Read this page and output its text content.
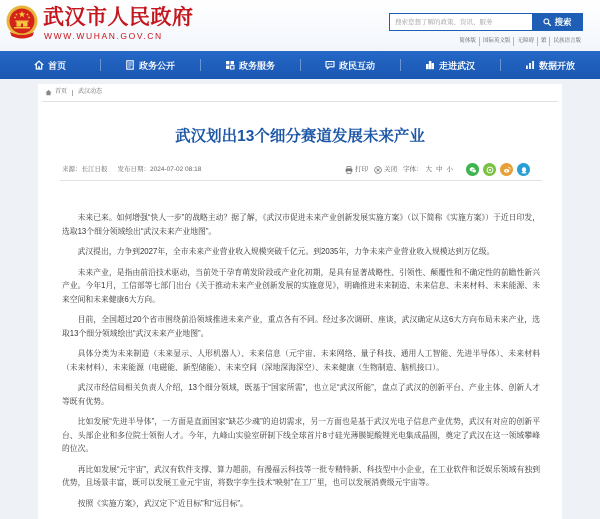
武汉市人民政府
WWW.WUHAN.GOV.CN
搜索您想了解的政策、资讯、服务
搜索
简体版	国际英文版	无障碍	繁	民族语言版
首页	政务公开	政务服务	政民互动	走进武汉	数据开放
首页 武汉动态
武汉划出13个细分赛道发展未来产业
来源：长江日报 发布日期：2024-07-02 08:18	打印 关闭 字体： 大 中 小

未来已来。如何增强“快人一步”的战略主动？据了解，《武汉市促进未来产业创新发展实施方案》（以下简称《实施方案》）于近日印发，选取13个细分领域绘出“武汉未来产业地图”。

武汉提出，力争到2027年，全市未来产业营业收入规模突破千亿元。到2035年，力争未来产业营业收入规模达到万亿级。

未来产业，是指由前沿技术驱动，当前处于孕育萌发阶段或产业化初期，是具有显著战略性、引领性、颠覆性和不确定性的前瞻性新兴产业。今年1月，工信部等七部门出台《关于推动未来产业创新发展的实施意见》，明确推进未来制造、未来信息、未来材料、未来能源、未来空间和未来健康6大方向。

目前，全国超过20个省市围绕前沿领域推进未来产业，重点各有不同。经过多次调研、座谈，武汉确定从这6大方向布局未来产业，选取13个细分领域绘出“武汉未来产业地图”。

具体分类为未来制造（未来显示、人形机器人）、未来信息（元宇宙、未来网络、量子科技、通用人工智能、先进半导体）、未来材料（未来材料）、未来能源（电磁能、新型储能）、未来空间（深地深海深空）、未来健康（生物制造、脑机接口）。

武汉市经信局相关负责人介绍，13个细分领域，既基于“国家所需”，也立足“武汉所能”，盘点了武汉的创新平台、产业主体、创新人才等既有优势。

比如发展“先进半导体”，一方面是直面国家“缺芯少魂”的迫切需求，另一方面也是基于武汉光电子信息产业优势，武汉有对应的创新平台、头部企业和多位院士领衔人才。今年，九峰山实验室研制下线全球首片8寸硅光薄膜铌酸锂光电集成晶圆，奠定了武汉在这一领域攀峰的位次。

再比如发展“元宇宙”，武汉有软件支撑、算力超前，有漫福云科技等一批专精特新、科技型中小企业，在工业软件和泛娱乐领域有独到优势，且场景丰富，既可以发展工业元宇宙，将数字孪生技术“映射”在工厂里，也可以发展消费级元宇宙等。

按照《实施方案》，武汉定下“近目标”和“远目标”。
